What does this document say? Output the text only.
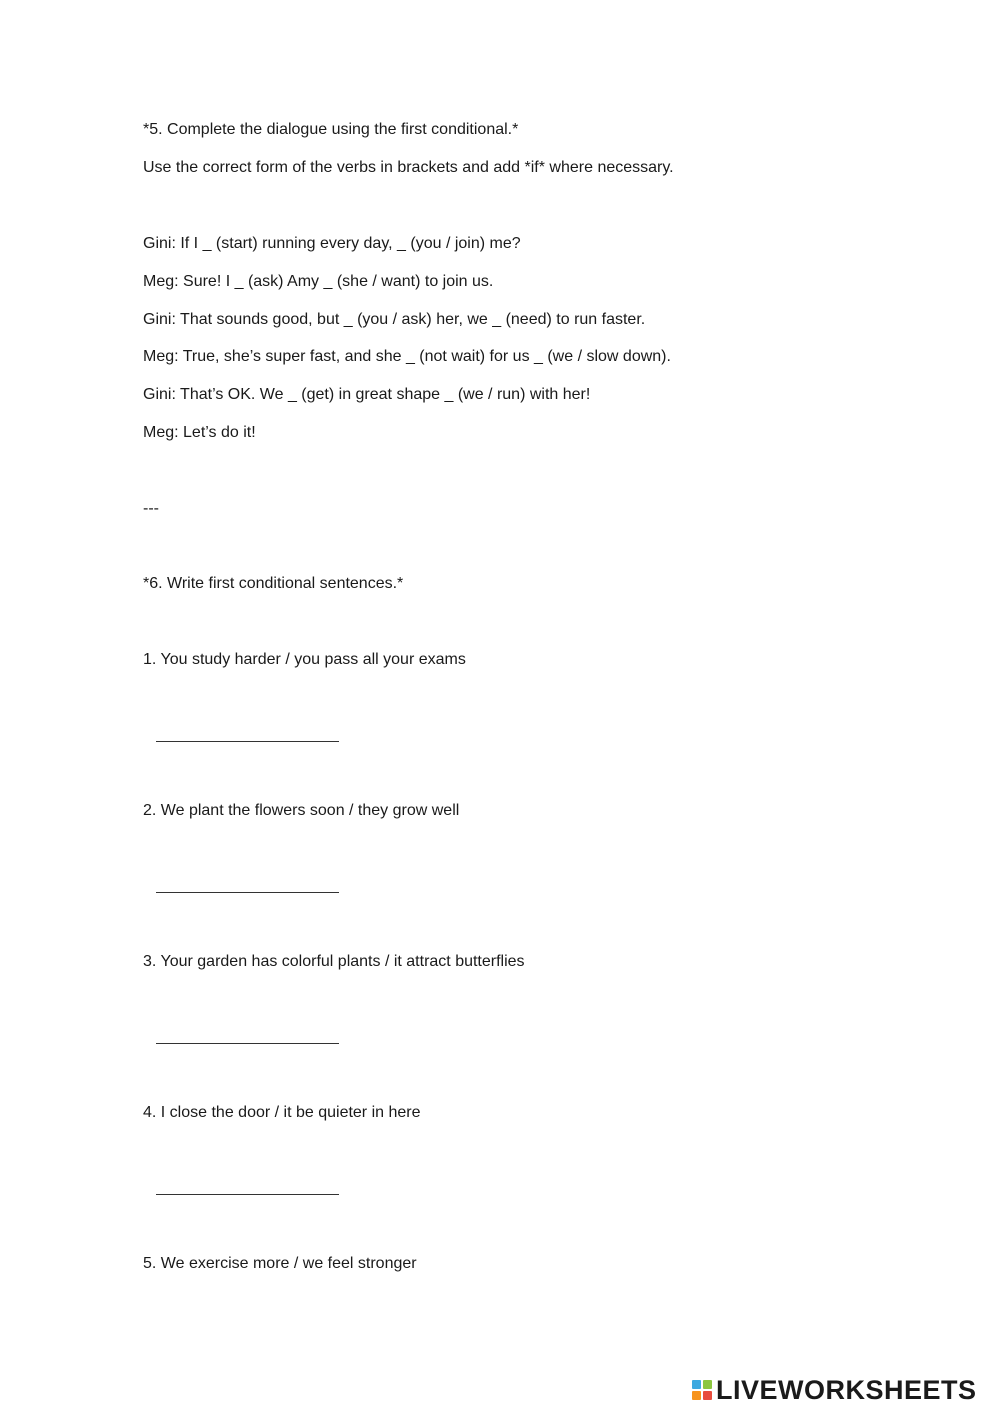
*5. Complete the dialogue using the first conditional.*
Use the correct form of the verbs in brackets and add *if* where necessary.
Gini: If I _ (start) running every day, _ (you / join) me?
Meg: Sure! I _ (ask) Amy _ (she / want) to join us.
Gini: That sounds good, but _ (you / ask) her, we _ (need) to run faster.
Meg: True, she’s super fast, and she _ (not wait) for us _ (we / slow down).
Gini: That’s OK. We _ (get) in great shape _ (we / run) with her!
Meg: Let’s do it!
---
*6. Write first conditional sentences.*
1. You study harder / you pass all your exams
2. We plant the flowers soon / they grow well
3. Your garden has colorful plants / it attract butterflies
4. I close the door / it be quieter in here
5. We exercise more / we feel stronger
LIVEWORKSHEETS
